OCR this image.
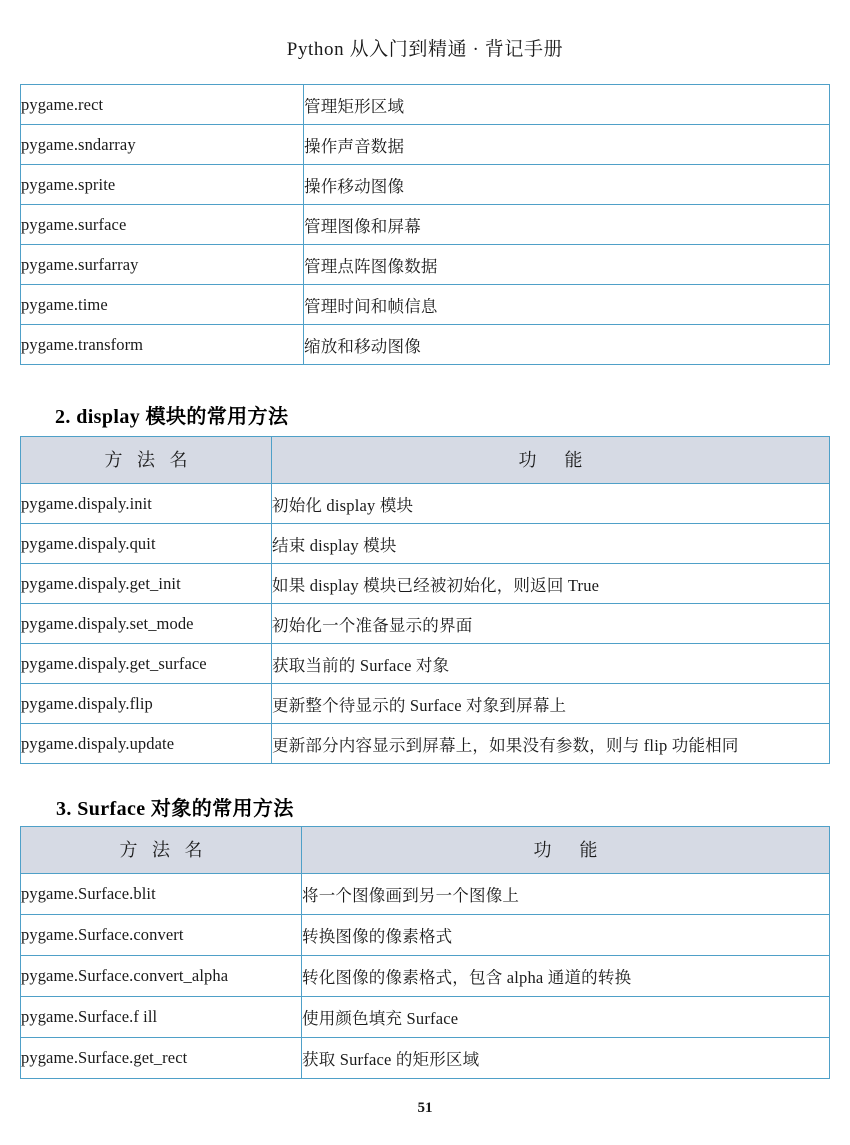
Python 从入门到精通 · 背记手册
pygame.rect	管理矩形区域
pygame.sndarray	操作声音数据
pygame.sprite	操作移动图像
pygame.surface	管理图像和屏幕
pygame.surfarray	管理点阵图像数据
pygame.time	管理时间和帧信息
pygame.transform	缩放和移动图像
2. display 模块的常用方法
方 法 名	功　能
pygame.dispaly.init	初始化 display 模块
pygame.dispaly.quit	结束 display 模块
pygame.dispaly.get_init	如果 display 模块已经被初始化，则返回 True
pygame.dispaly.set_mode	初始化一个准备显示的界面
pygame.dispaly.get_surface	获取当前的 Surface 对象
pygame.dispaly.flip	更新整个待显示的 Surface 对象到屏幕上
pygame.dispaly.update	更新部分内容显示到屏幕上，如果没有参数，则与 flip 功能相同
3. Surface 对象的常用方法
方 法 名	功　能
pygame.Surface.blit	将一个图像画到另一个图像上
pygame.Surface.convert	转换图像的像素格式
pygame.Surface.convert_alpha	转化图像的像素格式，包含 alpha 通道的转换
pygame.Surface.f ill	使用颜色填充 Surface
pygame.Surface.get_rect	获取 Surface 的矩形区域
51
